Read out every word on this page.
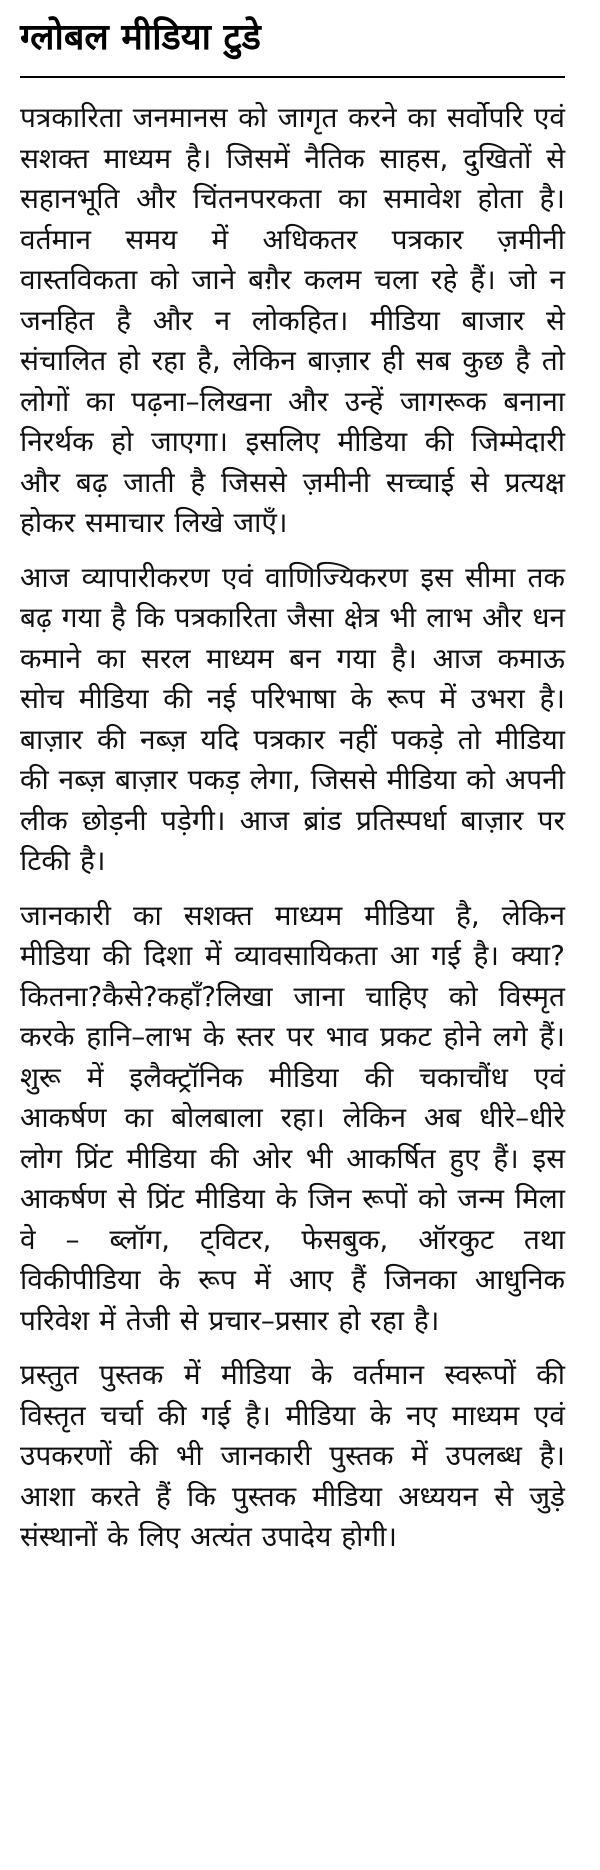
ग्लोबल मीडिया टुडे

पत्रकारिता जनमानस को जागृत करने का सर्वोपरि एवं सशक्त माध्यम है। जिसमें नैतिक साहस, दुखितों से सहानभूति और चिंतनपरकता का समावेश होता है। वर्तमान समय में अधिकतर पत्रकार ज़मीनी वास्तविकता को जाने बग़ैर कलम चला रहे हैं। जो न जनहित है और न लोकहित। मीडिया बाजार से संचालित हो रहा है, लेकिन बाज़ार ही सब कुछ है तो लोगों का पढ़ना–लिखना और उन्हें जागरूक बनाना निरर्थक हो जाएगा। इसलिए मीडिया की जिम्मेदारी और बढ़ जाती है जिससे ज़मीनी सच्चाई से प्रत्यक्ष होकर समाचार लिखे जाएँ।

आज व्यापारीकरण एवं वाणिज्यिकरण इस सीमा तक बढ़ गया है कि पत्रकारिता जैसा क्षेत्र भी लाभ और धन कमाने का सरल माध्यम बन गया है। आज कमाऊ सोच मीडिया की नई परिभाषा के रूप में उभरा है। बाज़ार की नब्ज़ यदि पत्रकार नहीं पकड़े तो मीडिया की नब्ज़ बाज़ार पकड़ लेगा, जिससे मीडिया को अपनी लीक छोड़नी पड़ेगी। आज ब्रांड प्रतिस्पर्धा बाज़ार पर टिकी है।

जानकारी का सशक्त माध्यम मीडिया है, लेकिन मीडिया की दिशा में व्यावसायिकता आ गई है। क्या?कितना?कैसे?कहाँ?लिखा जाना चाहिए को विस्मृत करके हानि–लाभ के स्तर पर भाव प्रकट होने लगे हैं। शुरू में इलैक्ट्रॉनिक मीडिया की चकाचौंध एवं आकर्षण का बोलबाला रहा। लेकिन अब धीरे–धीरे लोग प्रिंट मीडिया की ओर भी आकर्षित हुए हैं। इस आकर्षण से प्रिंट मीडिया के जिन रूपों को जन्म मिला वे – ब्लॉग, ट्विटर, फेसबुक, ऑरकुट तथा विकीपीडिया के रूप में आए हैं जिनका आधुनिक परिवेश में तेजी से प्रचार–प्रसार हो रहा है।

प्रस्तुत पुस्तक में मीडिया के वर्तमान स्वरूपों की विस्तृत चर्चा की गई है। मीडिया के नए माध्यम एवं उपकरणों की भी जानकारी पुस्तक में उपलब्ध है। आशा करते हैं कि पुस्तक मीडिया अध्ययन से जुड़े संस्थानों के लिए अत्यंत उपादेय होगी।
